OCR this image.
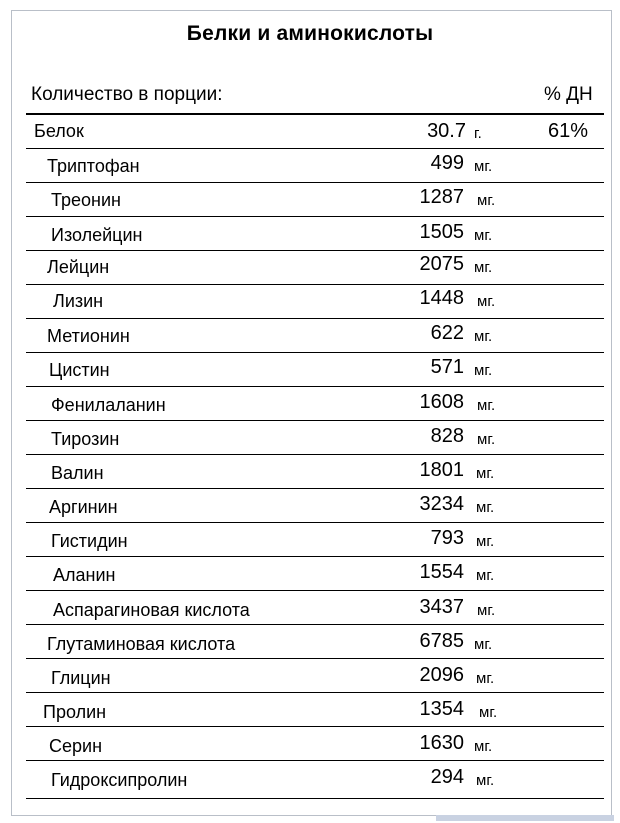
Белки и аминокислоты
Количество в порции:	% ДН
Белок	30.7 г.	61%
Триптофан	499 мг.
Треонин	1287 мг.
Изолейцин	1505 мг.
Лейцин	2075 мг.
Лизин	1448 мг.
Метионин	622 мг.
Цистин	571 мг.
Фенилаланин	1608 мг.
Тирозин	828 мг.
Валин	1801 мг.
Аргинин	3234 мг.
Гистидин	793 мг.
Аланин	1554 мг.
Аспарагиновая кислота	3437 мг.
Глутаминовая кислота	6785 мг.
Глицин	2096 мг.
Пролин	1354 мг.
Серин	1630 мг.
Гидроксипролин	294 мг.
